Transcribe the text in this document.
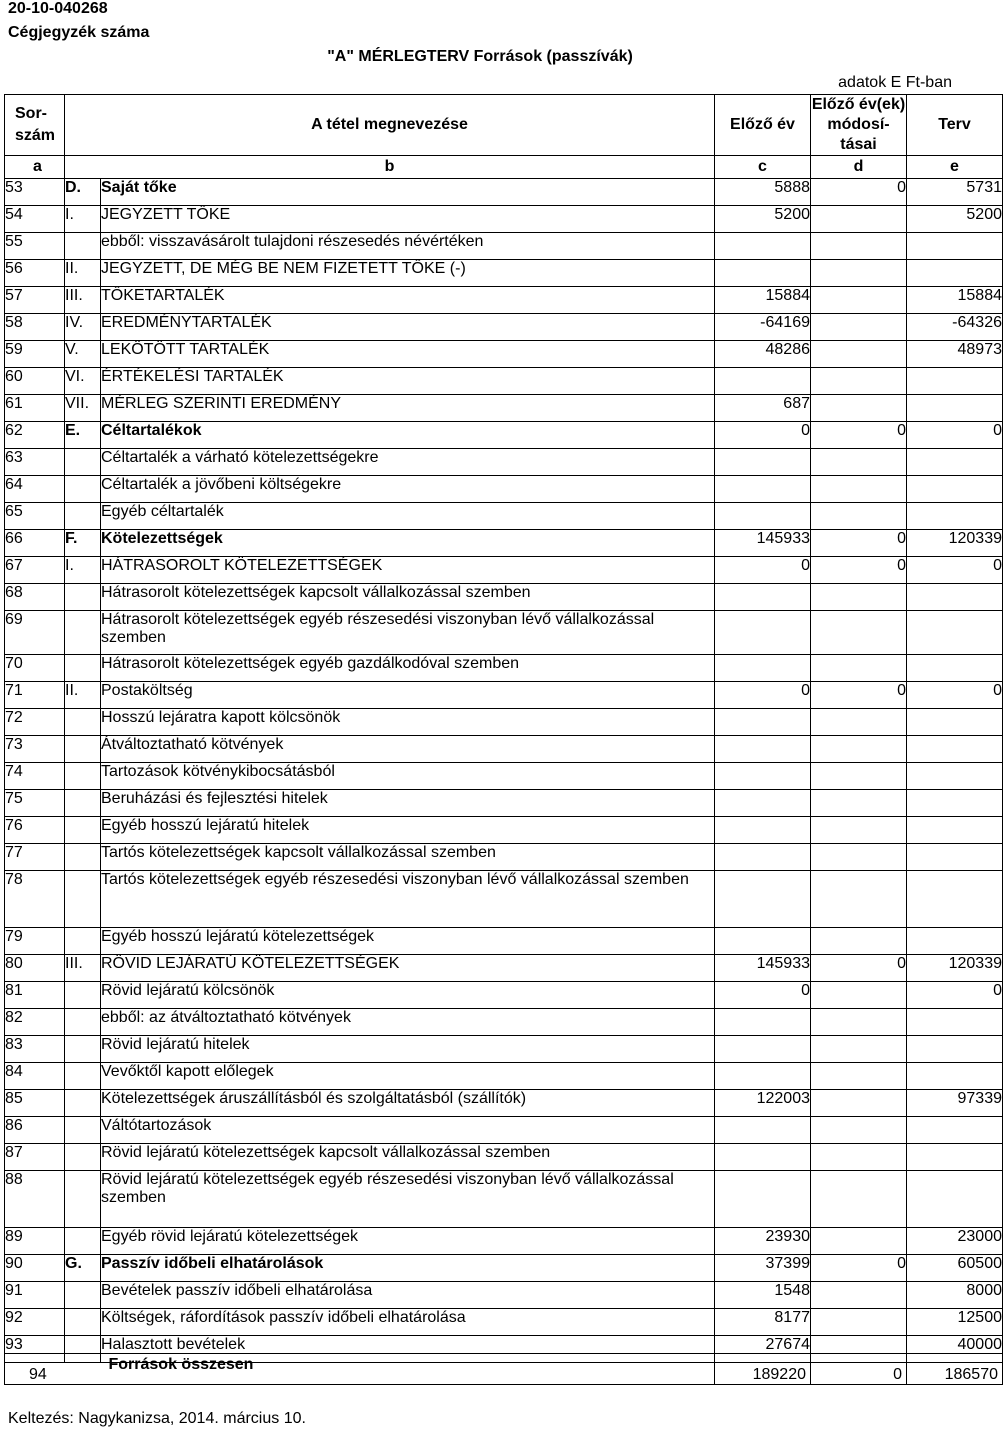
20-10-040268
Cégjegyzék száma
"A" MÉRLEGTERV Források (passzívák)
adatok E Ft-ban
Sor-
szám	A tétel megnevezése		Előző év	Előző év(ek)
módosí-tásai	Terv
a	b		c	d	e
53	D.	Saját tőke	5888	0	5731
54	I.	JEGYZETT TŐKE	5200		5200
55		ebből: visszavásárolt tulajdoni részesedés névértéken			
56	II.	JEGYZETT, DE MÉG BE NEM FIZETETT TŐKE (-)			
57	III.	TŐKETARTALÉK	15884		15884
58	IV.	EREDMÉNYTARTALÉK	-64169		-64326
59	V.	LEKÖTÖTT TARTALÉK	48286		48973
60	VI.	ÉRTÉKELÉSI TARTALÉK			
61	VII.	MÉRLEG SZERINTI EREDMÉNY	687		
62	E.	Céltartalékok	0	0	0
63		Céltartalék a várható kötelezettségekre			
64		Céltartalék a jövőbeni költségekre			
65		Egyéb céltartalék			
66	F.	Kötelezettségek	145933	0	120339
67	I.	HÁTRASOROLT KÖTELEZETTSÉGEK	0	0	0
68		Hátrasorolt kötelezettségek kapcsolt vállalkozással szemben			
69		Hátrasorolt kötelezettségek egyéb részesedési viszonyban lévő vállalkozással szemben			
70		Hátrasorolt kötelezettségek egyéb gazdálkodóval szemben			
71	II.	Postaköltség	0	0	0
72		Hosszú lejáratra kapott kölcsönök			
73		Átváltoztatható kötvények			
74		Tartozások kötvénykibocsátásból			
75		Beruházási és fejlesztési hitelek			
76		Egyéb hosszú lejáratú hitelek			
77		Tartós kötelezettségek kapcsolt vállalkozással szemben			
78		Tartós kötelezettségek egyéb részesedési viszonyban lévő vállalkozással szemben			
79		Egyéb hosszú lejáratú kötelezettségek			
80	III.	RÖVID LEJÁRATÚ KÖTELEZETTSÉGEK	145933	0	120339
81		Rövid lejáratú kölcsönök	0		0
82		ebből: az átváltoztatható kötvények			
83		Rövid lejáratú hitelek			
84		Vevőktől kapott előlegek			
85		Kötelezettségek áruszállításból és szolgáltatásból (szállítók)	122003		97339
86		Váltótartozások			
87		Rövid lejáratú kötelezettségek kapcsolt vállalkozással szemben			
88		Rövid lejáratú kötelezettségek egyéb részesedési viszonyban lévő vállalkozással szemben			
89		Egyéb rövid lejáratú kötelezettségek	23930		23000
90	G.	Passzív időbeli elhatárolások	37399	0	60500
91		Bevételek passzív időbeli elhatárolása	1548		8000
92		Költségek, ráfordítások passzív időbeli elhatárolása	8177		12500
93		Halasztott bevételek	27674		40000
94		Források összesen	189220	0	186570
Keltezés: Nagykanizsa, 2014. március 10.
